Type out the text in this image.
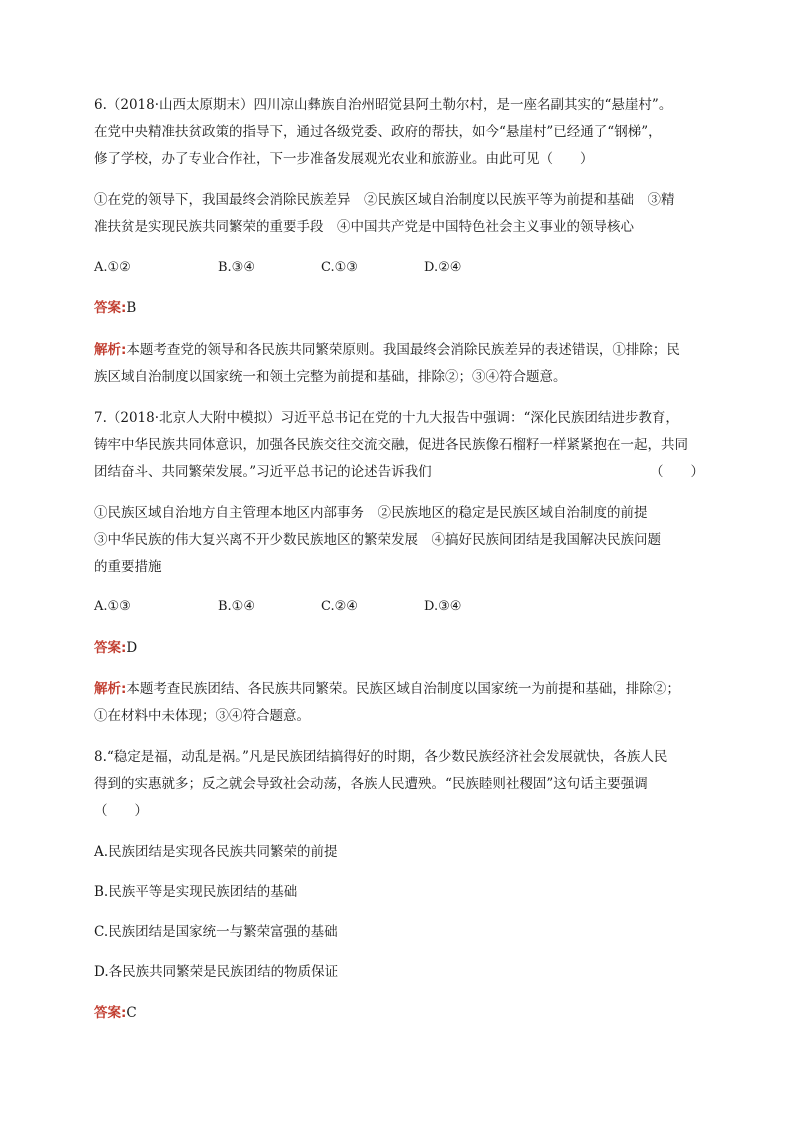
6.（2018·山西太原期末）四川凉山彝族自治州昭觉县阿土勒尔村，是一座名副其实的“悬崖村”。
在党中央精准扶贫政策的指导下，通过各级党委、政府的帮扶，如今“悬崖村”已经通了“钢梯”，
修了学校，办了专业合作社，下一步准备发展观光农业和旅游业。由此可见（　　）
①在党的领导下，我国最终会消除民族差异　②民族区域自治制度以民族平等为前提和基础　③精
准扶贫是实现民族共同繁荣的重要手段　④中国共产党是中国特色社会主义事业的领导核心
A.①②	B.③④	C.①③	D.②④
答案:B
解析:本题考查党的领导和各民族共同繁荣原则。我国最终会消除民族差异的表述错误，①排除；民
族区域自治制度以国家统一和领土完整为前提和基础，排除②；③④符合题意。
7.（2018·北京人大附中模拟）习近平总书记在党的十九大报告中强调：“深化民族团结进步教育，
铸牢中华民族共同体意识，加强各民族交往交流交融，促进各民族像石榴籽一样紧紧抱在一起，共同
团结奋斗、共同繁荣发展。”习近平总书记的论述告诉我们	（　　）
①民族区域自治地方自主管理本地区内部事务　②民族地区的稳定是民族区域自治制度的前提
③中华民族的伟大复兴离不开少数民族地区的繁荣发展　④搞好民族间团结是我国解决民族问题
的重要措施
A.①③	B.①④	C.②④	D.③④
答案:D
解析:本题考查民族团结、各民族共同繁荣。民族区域自治制度以国家统一为前提和基础，排除②；
①在材料中未体现；③④符合题意。
8.“稳定是福，动乱是祸。”凡是民族团结搞得好的时期，各少数民族经济社会发展就快，各族人民
得到的实惠就多；反之就会导致社会动荡，各族人民遭殃。“民族睦则社稷固”这句话主要强调
（　　）
A.民族团结是实现各民族共同繁荣的前提
B.民族平等是实现民族团结的基础
C.民族团结是国家统一与繁荣富强的基础
D.各民族共同繁荣是民族团结的物质保证
答案:C
